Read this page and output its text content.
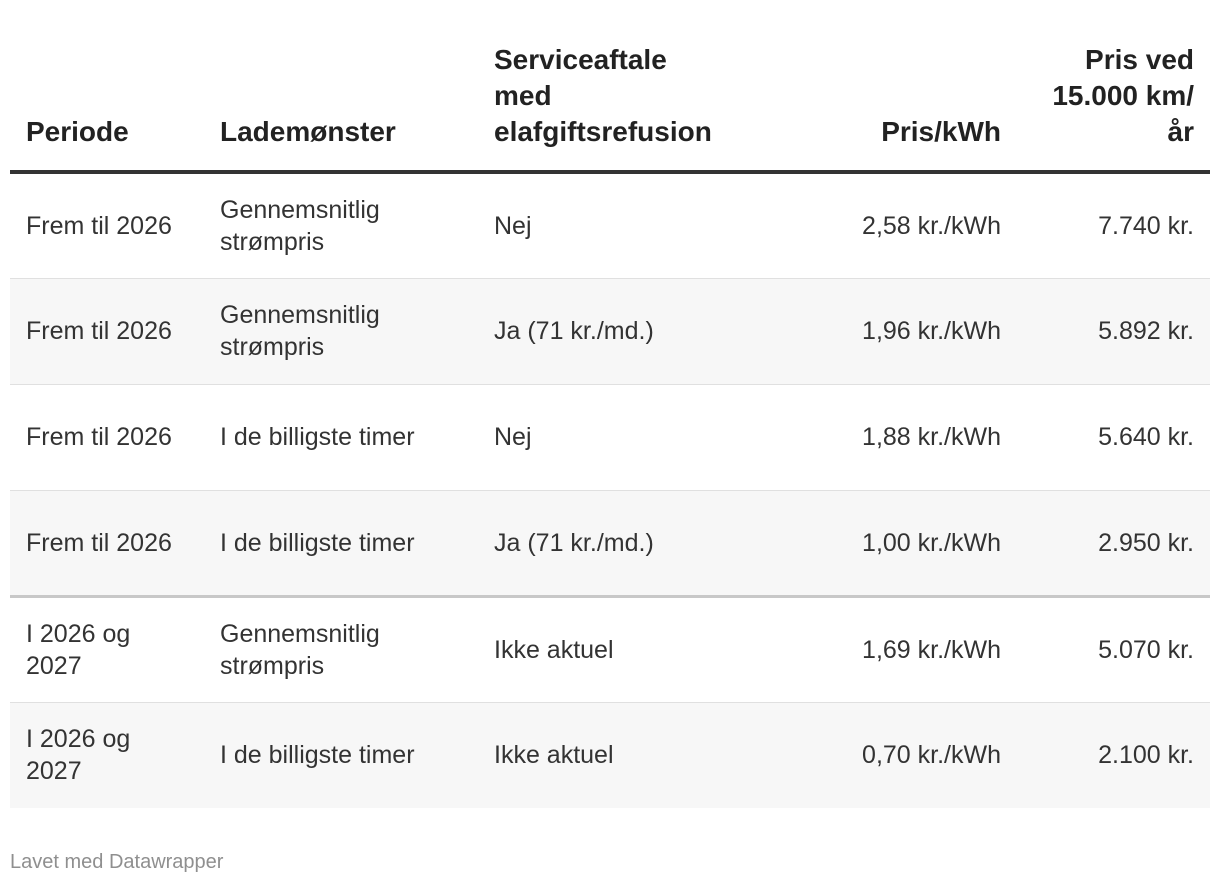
Periode	Lademønster	Serviceaftale med elafgiftsrefusion	Pris/kWh	Pris ved 15.000 km/år
Frem til 2026	Gennemsnitlig strømpris	Nej	2,58 kr./kWh	7.740 kr.
Frem til 2026	Gennemsnitlig strømpris	Ja (71 kr./md.)	1,96 kr./kWh	5.892 kr.
Frem til 2026	I de billigste timer	Nej	1,88 kr./kWh	5.640 kr.
Frem til 2026	I de billigste timer	Ja (71 kr./md.)	1,00 kr./kWh	2.950 kr.
I 2026 og 2027	Gennemsnitlig strømpris	Ikke aktuel	1,69 kr./kWh	5.070 kr.
I 2026 og 2027	I de billigste timer	Ikke aktuel	0,70 kr./kWh	2.100 kr.
Lavet med Datawrapper
